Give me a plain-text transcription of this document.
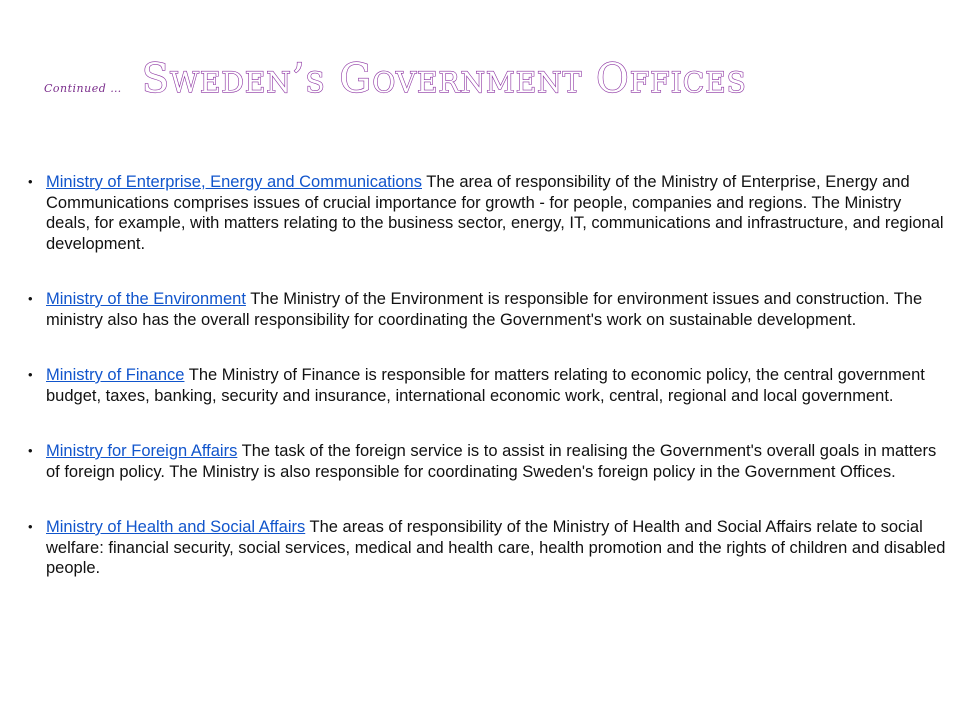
Continued … Sweden’s Government Offices
• Ministry of Enterprise, Energy and Communications The area of responsibility of the Ministry of Enterprise, Energy and Communications comprises issues of crucial importance for growth - for people, companies and regions. The Ministry deals, for example, with matters relating to the business sector, energy, IT, communications and infrastructure, and regional development.
• Ministry of the Environment The Ministry of the Environment is responsible for environment issues and construction. The ministry also has the overall responsibility for coordinating the Government's work on sustainable development.
• Ministry of Finance The Ministry of Finance is responsible for matters relating to economic policy, the central government budget, taxes, banking, security and insurance, international economic work, central, regional and local government.
• Ministry for Foreign Affairs The task of the foreign service is to assist in realising the Government's overall goals in matters of foreign policy. The Ministry is also responsible for coordinating Sweden's foreign policy in the Government Offices.
• Ministry of Health and Social Affairs The areas of responsibility of the Ministry of Health and Social Affairs relate to social welfare: financial security, social services, medical and health care, health promotion and the rights of children and disabled people.
